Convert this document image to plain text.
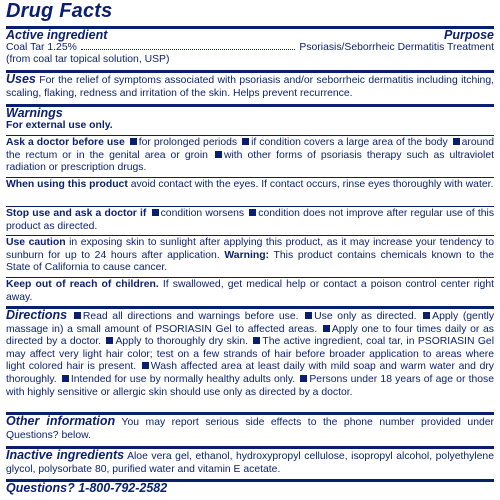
Drug Facts
Active ingredient	Purpose
Coal Tar 1.25%	Psoriasis/Seborrheic Dermatitis Treatment
(from coal tar topical solution, USP)
Uses For the relief of symptoms associated with psoriasis and/or seborrheic dermatitis including itching, scaling, flaking, redness and irritation of the skin. Helps prevent recurrence.
Warnings
For external use only.
Ask a doctor before use for prolonged periods if condition covers a large area of the body around the rectum or in the genital area or groin with other forms of psoriasis therapy such as ultraviolet radiation or prescription drugs.
When using this product avoid contact with the eyes. If contact occurs, rinse eyes thoroughly with water.
Stop use and ask a doctor if condition worsens condition does not improve after regular use of this product as directed.
Use caution in exposing skin to sunlight after applying this product, as it may increase your tendency to sunburn for up to 24 hours after application. Warning: This product contains chemicals known to the State of California to cause cancer.
Keep out of reach of children. If swallowed, get medical help or contact a poison control center right away.
Directions Read all directions and warnings before use. Use only as directed. Apply (gently massage in) a small amount of PSORIASIN Gel to affected areas. Apply one to four times daily or as directed by a doctor. Apply to thoroughly dry skin. The active ingredient, coal tar, in PSORIASIN Gel may affect very light hair color; test on a few strands of hair before broader application to areas where light colored hair is present. Wash affected area at least daily with mild soap and warm water and dry thoroughly. Intended for use by normally healthy adults only. Persons under 18 years of age or those with highly sensitive or allergic skin should use only as directed by a doctor.
Other information You may report serious side effects to the phone number provided under Questions? below.
Inactive ingredients Aloe vera gel, ethanol, hydroxypropyl cellulose, isopropyl alcohol, polyethylene glycol, polysorbate 80, purified water and vitamin E acetate.
Questions? 1-800-792-2582
